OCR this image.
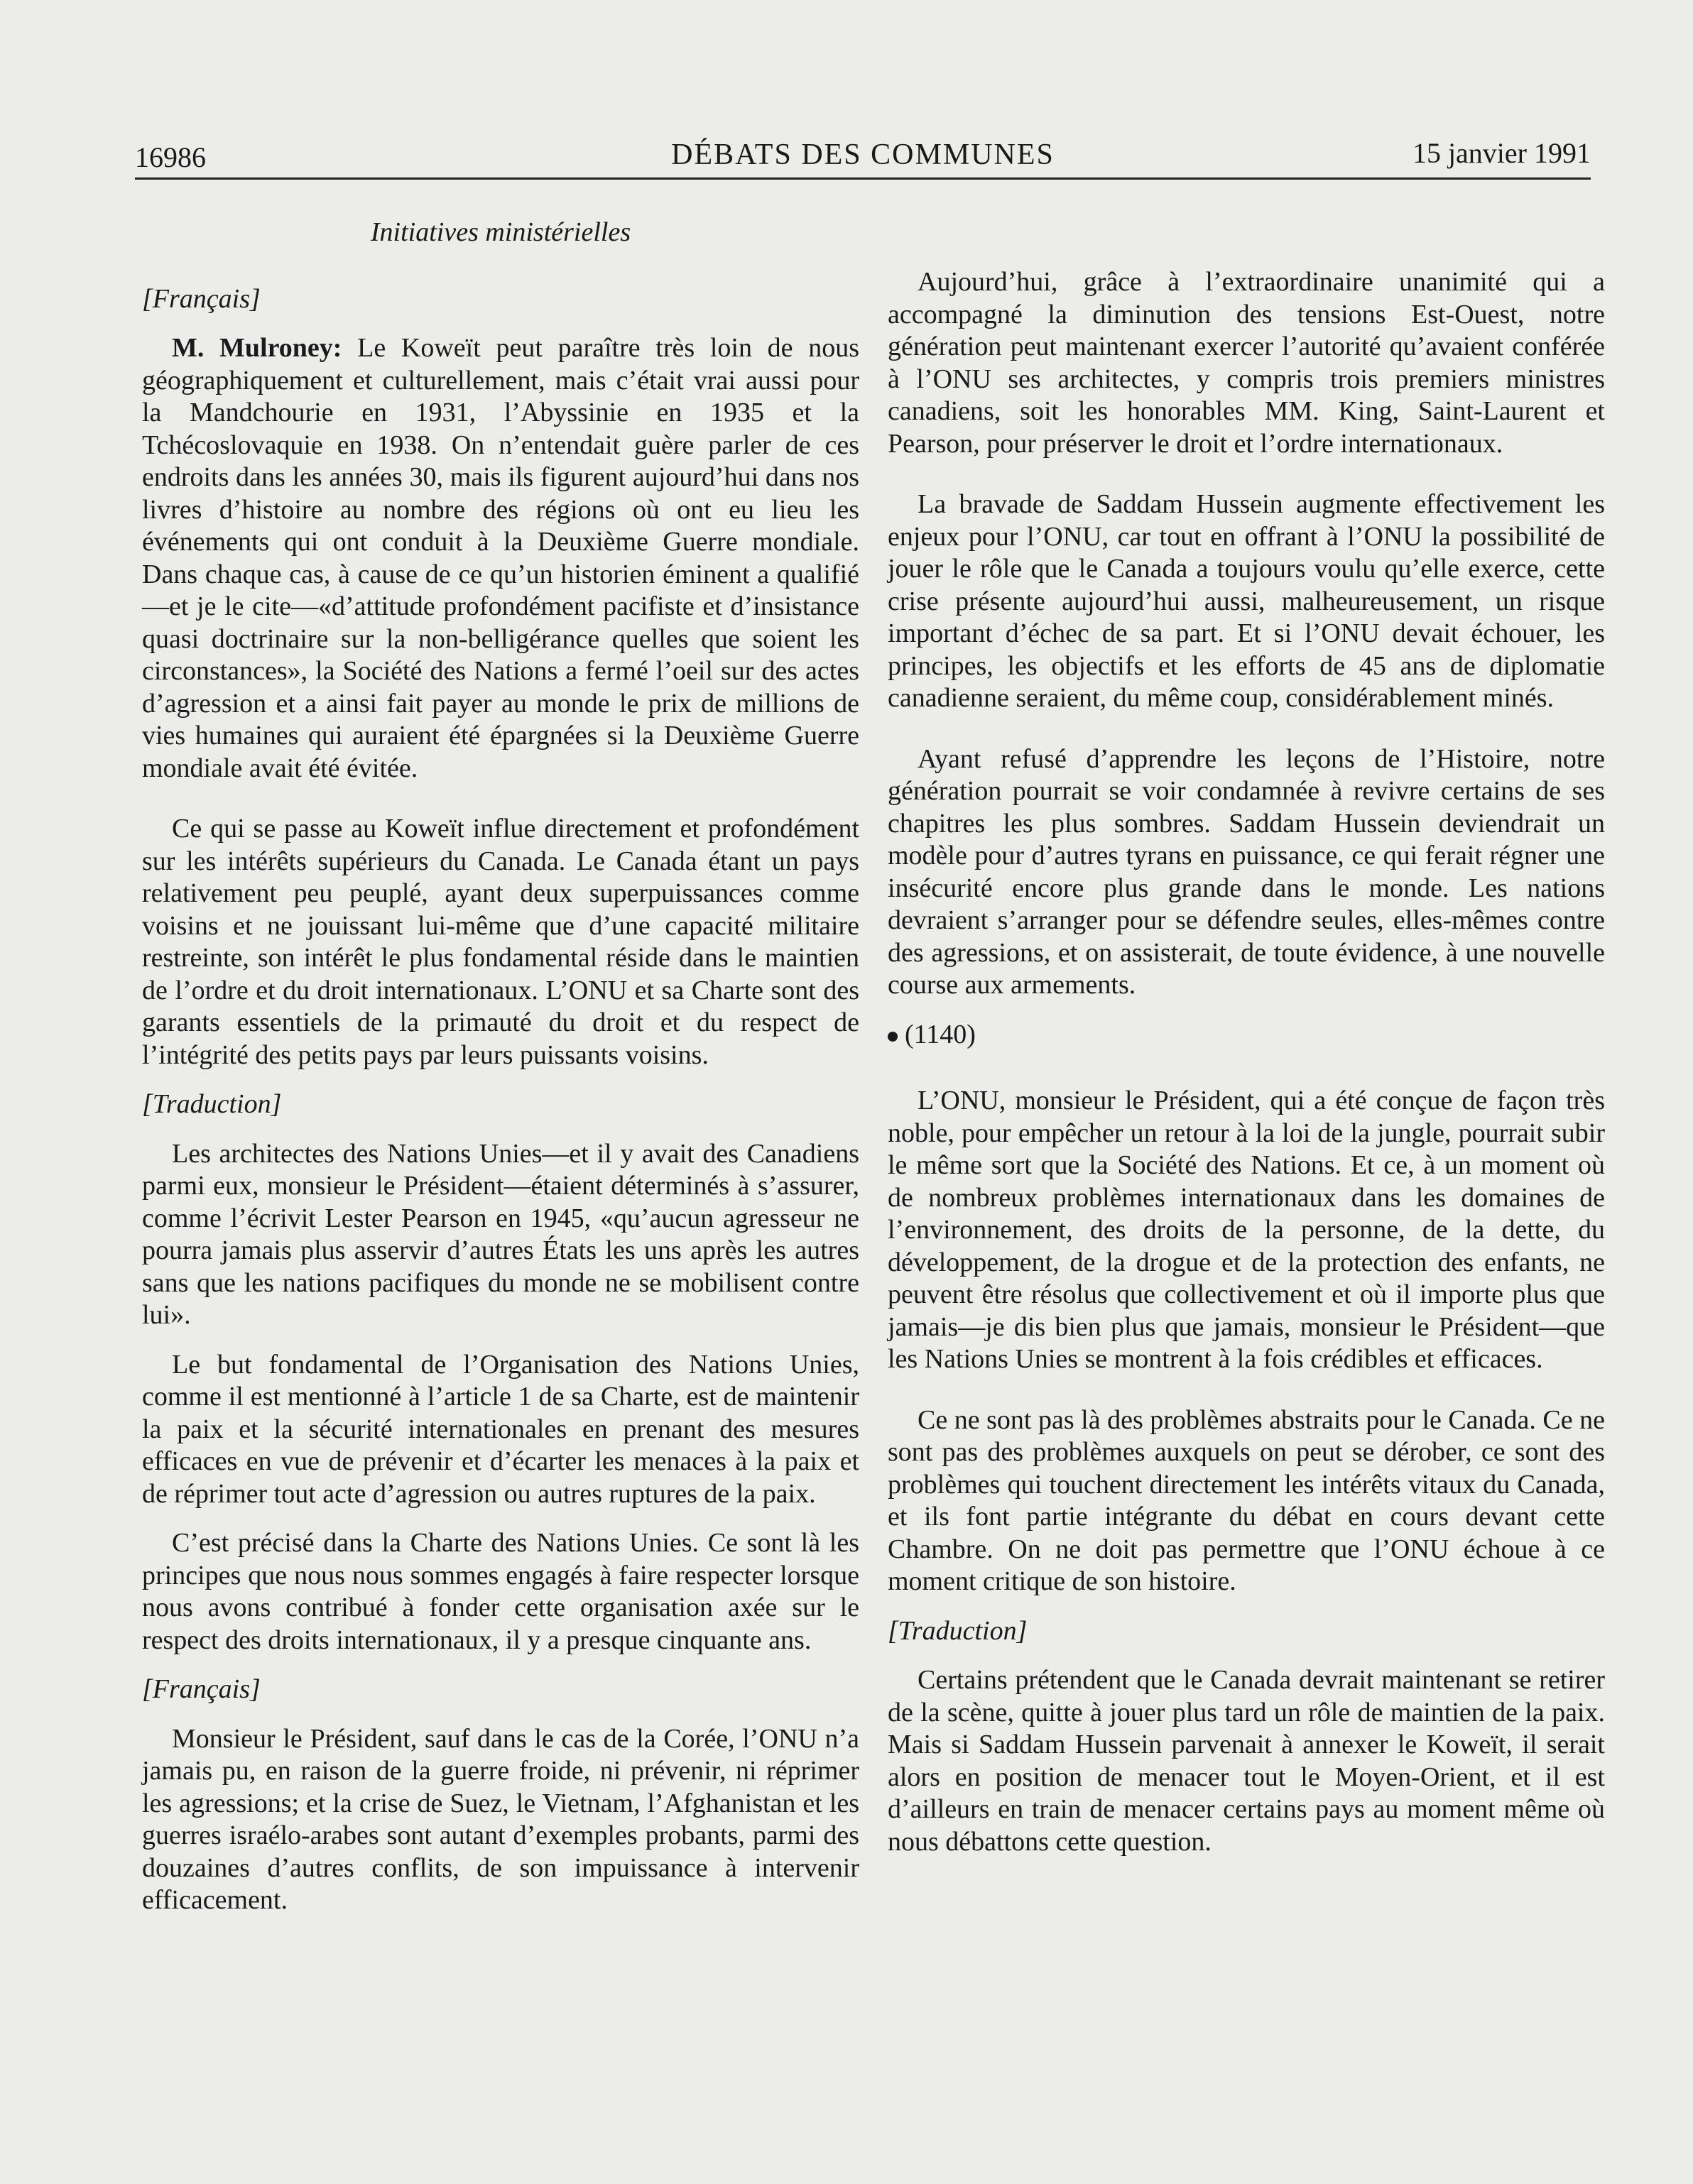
16986	DÉBATS DES COMMUNES	15 janvier 1991

Initiatives ministérielles

[Français]

M. Mulroney: Le Koweït peut paraître très loin de nous géographiquement et culturellement, mais c’était vrai aussi pour la Mandchourie en 1931, l’Abyssinie en 1935 et la Tchécoslovaquie en 1938. On n’entendait guère parler de ces endroits dans les années 30, mais ils figurent aujourd’hui dans nos livres d’histoire au nombre des régions où ont eu lieu les événements qui ont conduit à la Deuxième Guerre mondiale. Dans chaque cas, à cause de ce qu’un historien éminent a qualifié—et je le cite—«d’attitude profondément pacifiste et d’insistance quasi doctrinaire sur la non-belligérance quelles que soient les circonstances», la Société des Nations a fermé l’oeil sur des actes d’agression et a ainsi fait payer au monde le prix de millions de vies humaines qui auraient été épargnées si la Deuxième Guerre mondiale avait été évitée.

Ce qui se passe au Koweït influe directement et profondément sur les intérêts supérieurs du Canada. Le Canada étant un pays relativement peu peuplé, ayant deux superpuissances comme voisins et ne jouissant lui-même que d’une capacité militaire restreinte, son intérêt le plus fondamental réside dans le maintien de l’ordre et du droit internationaux. L’ONU et sa Charte sont des garants essentiels de la primauté du droit et du respect de l’intégrité des petits pays par leurs puissants voisins.

[Traduction]

Les architectes des Nations Unies—et il y avait des Canadiens parmi eux, monsieur le Président—étaient déterminés à s’assurer, comme l’écrivit Lester Pearson en 1945, «qu’aucun agresseur ne pourra jamais plus asservir d’autres États les uns après les autres sans que les nations pacifiques du monde ne se mobilisent contre lui».

Le but fondamental de l’Organisation des Nations Unies, comme il est mentionné à l’article 1 de sa Charte, est de maintenir la paix et la sécurité internationales en prenant des mesures efficaces en vue de prévenir et d’écarter les menaces à la paix et de réprimer tout acte d’agression ou autres ruptures de la paix.

C’est précisé dans la Charte des Nations Unies. Ce sont là les principes que nous nous sommes engagés à faire respecter lorsque nous avons contribué à fonder cette organisation axée sur le respect des droits internationaux, il y a presque cinquante ans.

[Français]

Monsieur le Président, sauf dans le cas de la Corée, l’ONU n’a jamais pu, en raison de la guerre froide, ni prévenir, ni réprimer les agressions; et la crise de Suez, le Vietnam, l’Afghanistan et les guerres israélo-arabes sont autant d’exemples probants, parmi des douzaines d’autres conflits, de son impuissance à intervenir efficacement.

Aujourd’hui, grâce à l’extraordinaire unanimité qui a accompagné la diminution des tensions Est-Ouest, notre génération peut maintenant exercer l’autorité qu’avaient conférée à l’ONU ses architectes, y compris trois premiers ministres canadiens, soit les honorables MM. King, Saint-Laurent et Pearson, pour préserver le droit et l’ordre internationaux.

La bravade de Saddam Hussein augmente effectivement les enjeux pour l’ONU, car tout en offrant à l’ONU la possibilité de jouer le rôle que le Canada a toujours voulu qu’elle exerce, cette crise présente aujourd’hui aussi, malheureusement, un risque important d’échec de sa part. Et si l’ONU devait échouer, les principes, les objectifs et les efforts de 45 ans de diplomatie canadienne seraient, du même coup, considérablement minés.

Ayant refusé d’apprendre les leçons de l’Histoire, notre génération pourrait se voir condamnée à revivre certains de ses chapitres les plus sombres. Saddam Hussein deviendrait un modèle pour d’autres tyrans en puissance, ce qui ferait régner une insécurité encore plus grande dans le monde. Les nations devraient s’arranger pour se défendre seules, elles-mêmes contre des agressions, et on assisterait, de toute évidence, à une nouvelle course aux armements.

(1140)

L’ONU, monsieur le Président, qui a été conçue de façon très noble, pour empêcher un retour à la loi de la jungle, pourrait subir le même sort que la Société des Nations. Et ce, à un moment où de nombreux problèmes internationaux dans les domaines de l’environnement, des droits de la personne, de la dette, du développement, de la drogue et de la protection des enfants, ne peuvent être résolus que collectivement et où il importe plus que jamais—je dis bien plus que jamais, monsieur le Président—que les Nations Unies se montrent à la fois crédibles et efficaces.

Ce ne sont pas là des problèmes abstraits pour le Canada. Ce ne sont pas des problèmes auxquels on peut se dérober, ce sont des problèmes qui touchent directement les intérêts vitaux du Canada, et ils font partie intégrante du débat en cours devant cette Chambre. On ne doit pas permettre que l’ONU échoue à ce moment critique de son histoire.

[Traduction]

Certains prétendent que le Canada devrait maintenant se retirer de la scène, quitte à jouer plus tard un rôle de maintien de la paix. Mais si Saddam Hussein parvenait à annexer le Koweït, il serait alors en position de menacer tout le Moyen-Orient, et il est d’ailleurs en train de menacer certains pays au moment même où nous débattons cette question.
